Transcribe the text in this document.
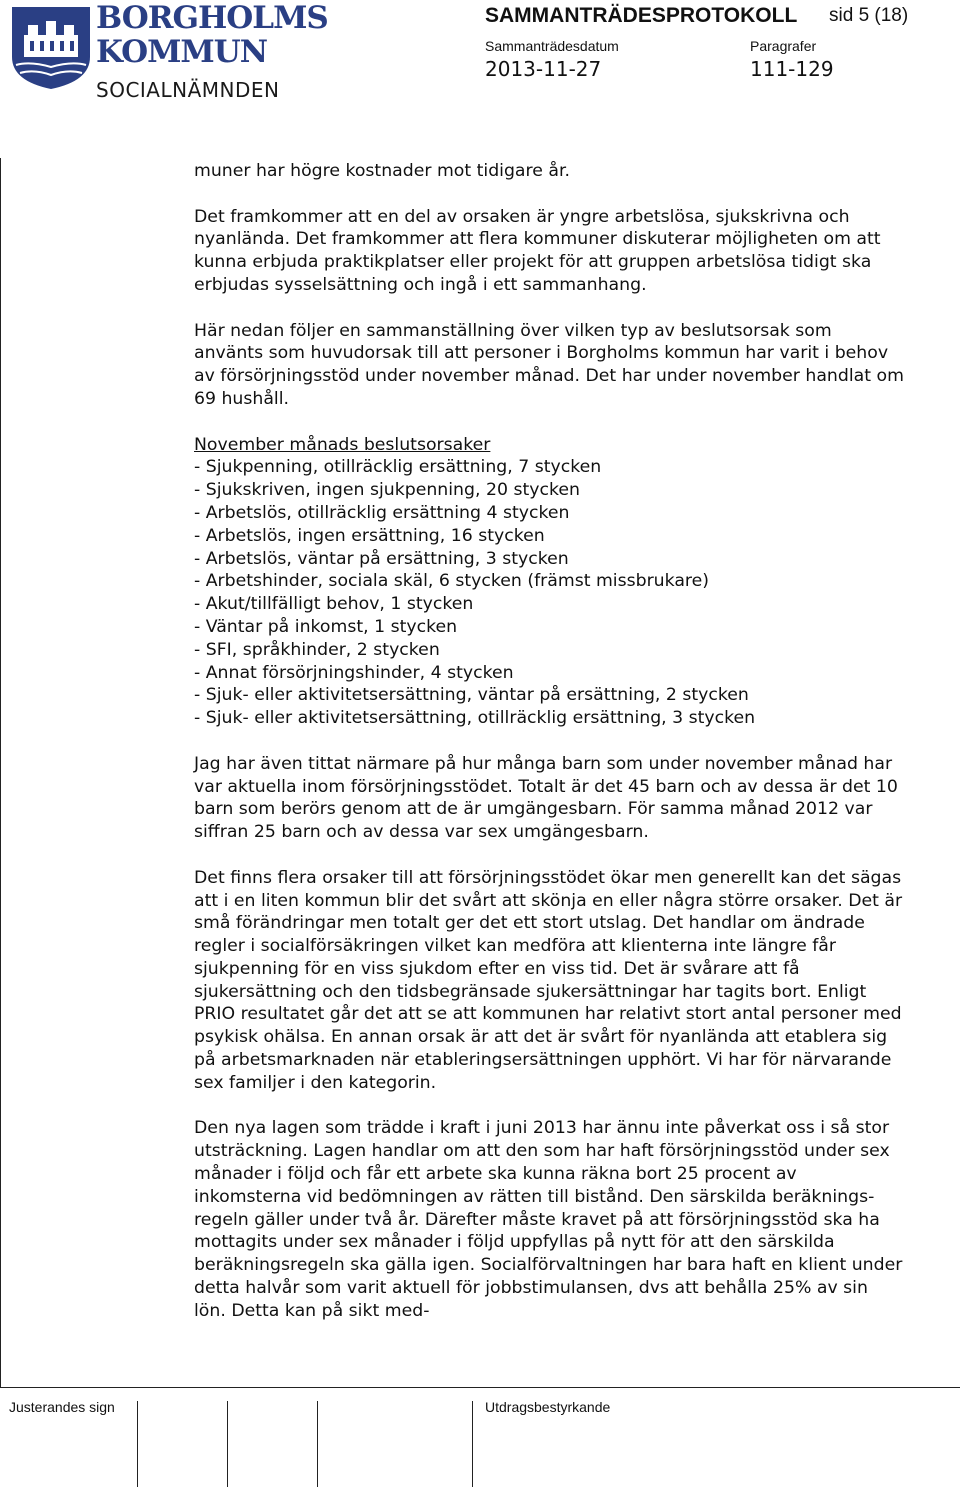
BORGHOLMS
KOMMUN
SOCIALNÄMNDEN
SAMMANTRÄDESPROTOKOLL sid 5 (18)
Sammanträdesdatum	Paragrafer
2013-11-27	111-129

muner har högre kostnader mot tidigare år.

Det framkommer att en del av orsaken är yngre arbetslösa, sjukskrivna och nyanlända. Det framkommer att flera kommuner diskuterar möjligheten om att kunna erbjuda praktikplatser eller projekt för att gruppen arbetslösa tidigt ska erbjudas sysselsättning och ingå i ett sammanhang.

Här nedan följer en sammanställning över vilken typ av beslutsorsak som använts som huvudorsak till att personer i Borgholms kommun har varit i behov av försörjningsstöd under november månad. Det har under november handlat om 69 hushåll.

November månads beslutsorsaker
- Sjukpenning, otillräcklig ersättning, 7 stycken
- Sjukskriven, ingen sjukpenning, 20 stycken
- Arbetslös, otillräcklig ersättning 4 stycken
- Arbetslös, ingen ersättning, 16 stycken
- Arbetslös, väntar på ersättning, 3 stycken
- Arbetshinder, sociala skäl, 6 stycken (främst missbrukare)
- Akut/tillfälligt behov, 1 stycken
- Väntar på inkomst, 1 stycken
- SFI, språkhinder, 2 stycken
- Annat försörjningshinder, 4 stycken
- Sjuk- eller aktivitetsersättning, väntar på ersättning, 2 stycken
- Sjuk- eller aktivitetsersättning, otillräcklig ersättning, 3 stycken

Jag har även tittat närmare på hur många barn som under november månad har var aktuella inom försörjningsstödet. Totalt är det 45 barn och av dessa är det 10 barn som berörs genom att de är umgängesbarn. För samma månad 2012 var siffran 25 barn och av dessa var sex umgängesbarn.

Det finns flera orsaker till att försörjningsstödet ökar men generellt kan det sägas att i en liten kommun blir det svårt att skönja en eller några större orsaker. Det är små förändringar men totalt ger det ett stort utslag. Det handlar om ändrade regler i socialförsäkringen vilket kan medföra att klienterna inte längre får sjukpenning för en viss sjukdom efter en viss tid. Det är svårare att få sjukersättning och den tidsbegränsade sjukersättningar har tagits bort. Enligt PRIO resultatet går det att se att kommunen har relativt stort antal personer med psykisk ohälsa. En annan orsak är att det är svårt för nyanlända att etablera sig på arbetsmarknaden när etableringsersättningen upphört. Vi har för närvarande sex familjer i den kategorin.

Den nya lagen som trädde i kraft i juni 2013 har ännu inte påverkat oss i så stor utsträckning. Lagen handlar om att den som har haft försörjningsstöd under sex månader i följd och får ett arbete ska kunna räkna bort 25 procent av inkomsterna vid bedömningen av rätten till bistånd. Den särskilda beräknings-regeln gäller under två år. Därefter måste kravet på att försörjningsstöd ska ha mottagits under sex månader i följd uppfyllas på nytt för att den särskilda beräkningsregeln ska gälla igen. Socialförvaltningen har bara haft en klient under detta halvår som varit aktuell för jobbstimulansen, dvs att behålla 25% av sin lön. Detta kan på sikt med-

Justerandes sign	Utdragsbestyrkande
